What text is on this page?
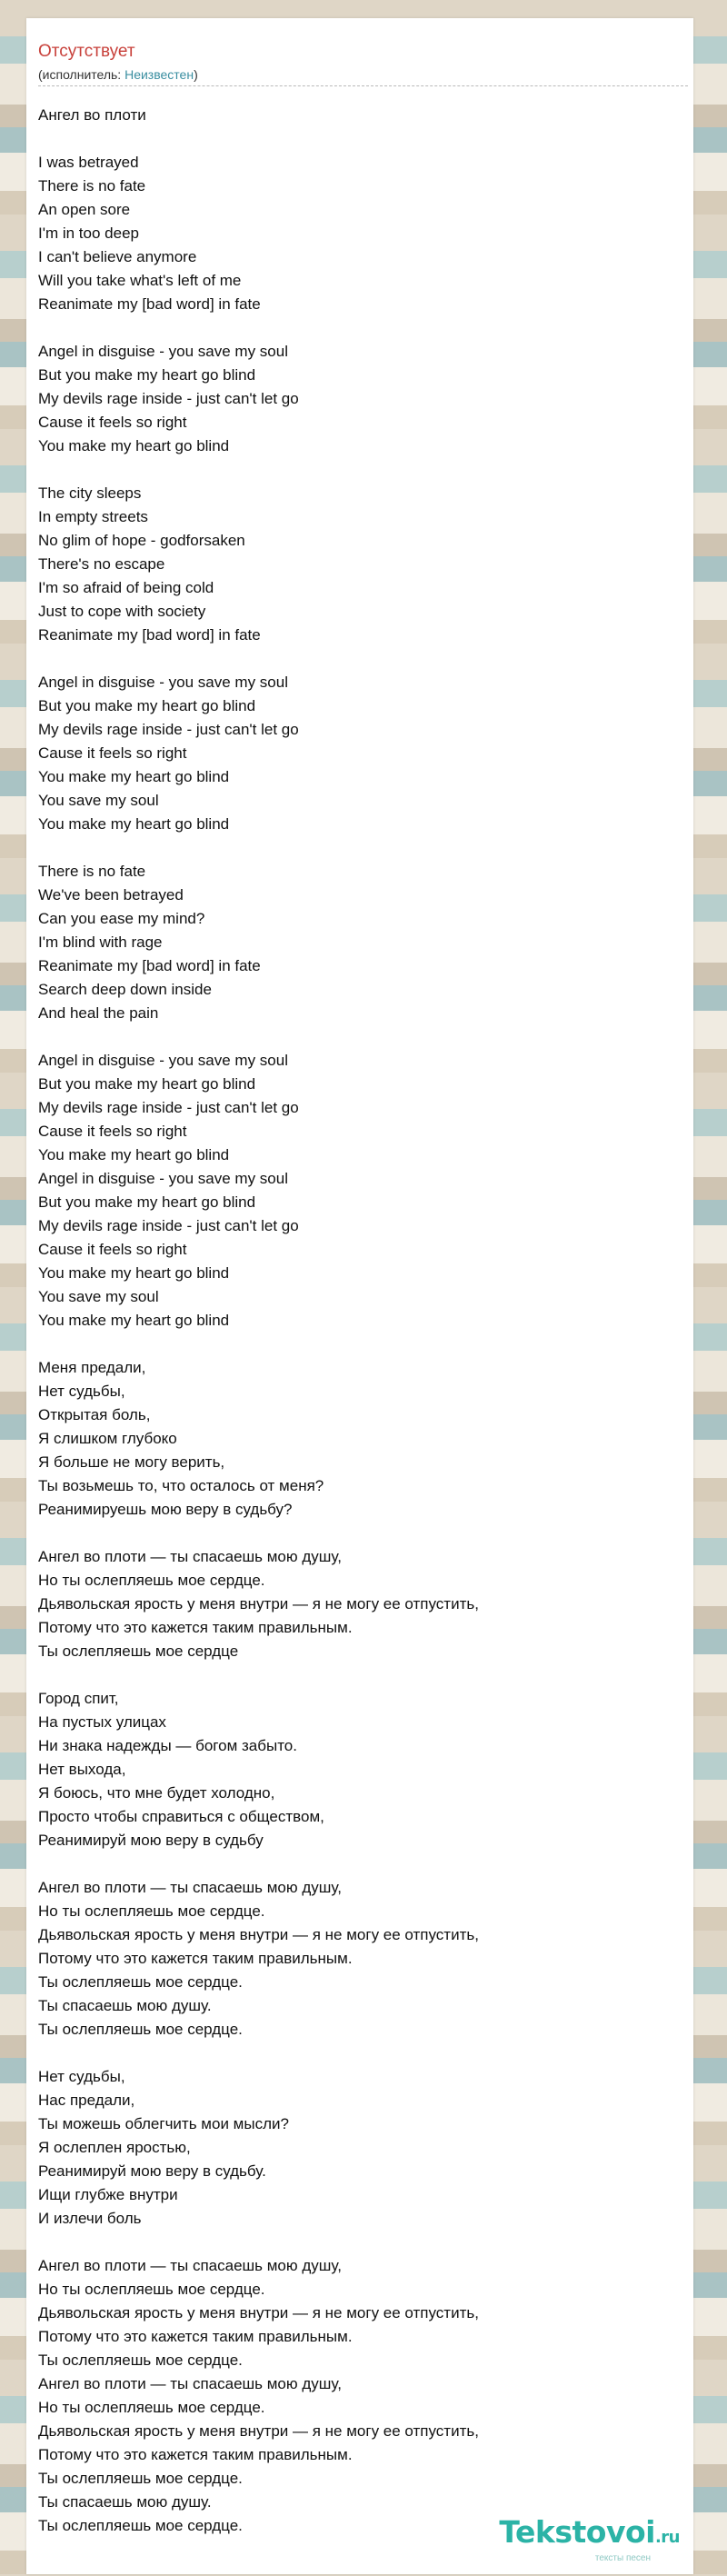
Отсутствует
(исполнитель: Неизвестен)
Ангел во плоти
I was betrayed
There is no fate
An open sore
I'm in too deep
I can't believe anymore
Will you take what's left of me
Reanimate my [bad word] in fate
Angel in disguise - you save my soul
But you make my heart go blind
My devils rage inside - just can't let go
Cause it feels so right
You make my heart go blind
The city sleeps
In empty streets
No glim of hope - godforsaken
There's no escape
I'm so afraid of being cold
Just to cope with society
Reanimate my [bad word] in fate
Angel in disguise - you save my soul
But you make my heart go blind
My devils rage inside - just can't let go
Cause it feels so right
You make my heart go blind
You save my soul
You make my heart go blind
There is no fate
We've been betrayed
Can you ease my mind?
I'm blind with rage
Reanimate my [bad word] in fate
Search deep down inside
And heal the pain
Angel in disguise - you save my soul
But you make my heart go blind
My devils rage inside - just can't let go
Cause it feels so right
You make my heart go blind
Angel in disguise - you save my soul
But you make my heart go blind
My devils rage inside - just can't let go
Cause it feels so right
You make my heart go blind
You save my soul
You make my heart go blind
Меня предали,
Нет судьбы,
Открытая боль,
Я слишком глубоко
Я больше не могу верить,
Ты возьмешь то, что осталось от меня?
Реанимируешь мою веру в судьбу?
Ангел во плоти — ты спасаешь мою душу,
Но ты ослепляешь мое сердце.
Дьявольская ярость у меня внутри — я не могу ее отпустить,
Потому что это кажется таким правильным.
Ты ослепляешь мое сердце
Город спит,
На пустых улицах
Ни знака надежды — богом забыто.
Нет выхода,
Я боюсь, что мне будет холодно,
Просто чтобы справиться с обществом,
Реанимируй мою веру в судьбу
Ангел во плоти — ты спасаешь мою душу,
Но ты ослепляешь мое сердце.
Дьявольская ярость у меня внутри — я не могу ее отпустить,
Потому что это кажется таким правильным.
Ты ослепляешь мое сердце.
Ты спасаешь мою душу.
Ты ослепляешь мое сердце.
Нет судьбы,
Нас предали,
Ты можешь облегчить мои мысли?
Я ослеплен яростью,
Реанимируй мою веру в судьбу.
Ищи глубже внутри
И излечи боль
Ангел во плоти — ты спасаешь мою душу,
Но ты ослепляешь мое сердце.
Дьявольская ярость у меня внутри — я не могу ее отпустить,
Потому что это кажется таким правильным.
Ты ослепляешь мое сердце.
Ангел во плоти — ты спасаешь мою душу,
Но ты ослепляешь мое сердце.
Дьявольская ярость у меня внутри — я не могу ее отпустить,
Потому что это кажется таким правильным.
Ты ослепляешь мое сердце.
Ты спасаешь мою душу.
Ты ослепляешь мое сердце.	Tekstovoi.ru
тексты песен
